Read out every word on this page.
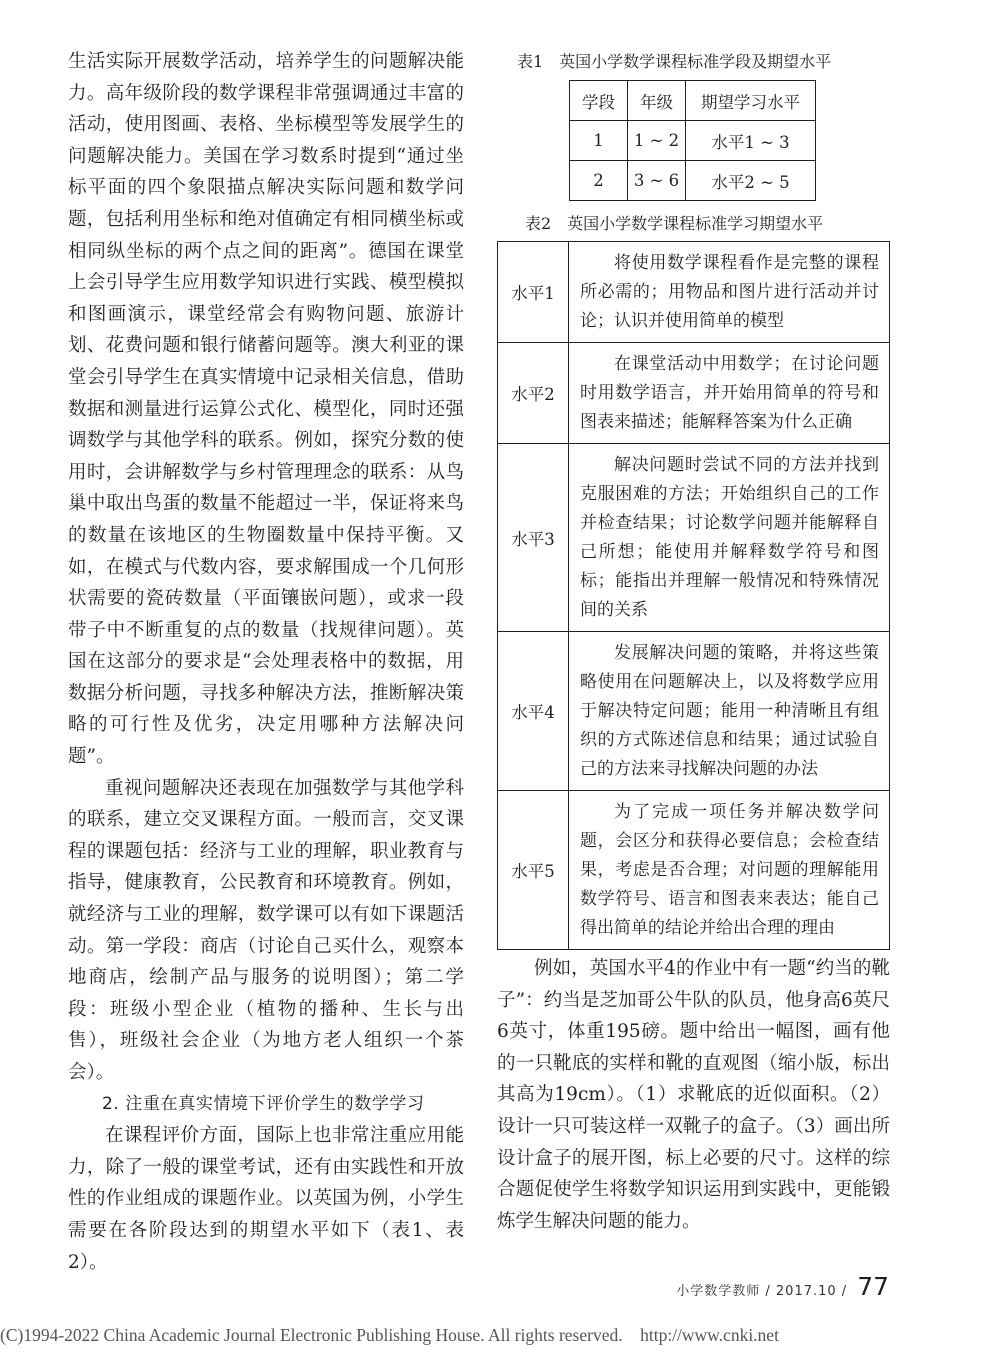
生活实际开展数学活动，培养学生的问题解决能力。高年级阶段的数学课程非常强调通过丰富的活动，使用图画、表格、坐标模型等发展学生的问题解决能力。美国在学习数系时提到“通过坐标平面的四个象限描点解决实际问题和数学问题，包括利用坐标和绝对值确定有相同横坐标或相同纵坐标的两个点之间的距离”。德国在课堂上会引导学生应用数学知识进行实践、模型模拟和图画演示，课堂经常会有购物问题、旅游计划、花费问题和银行储蓄问题等。澳大利亚的课堂会引导学生在真实情境中记录相关信息，借助数据和测量进行运算公式化、模型化，同时还强调数学与其他学科的联系。例如，探究分数的使用时，会讲解数学与乡村管理理念的联系：从鸟巢中取出鸟蛋的数量不能超过一半，保证将来鸟的数量在该地区的生物圈数量中保持平衡。又如，在模式与代数内容，要求解围成一个几何形状需要的瓷砖数量（平面镶嵌问题），或求一段带子中不断重复的点的数量（找规律问题）。英国在这部分的要求是“会处理表格中的数据，用数据分析问题，寻找多种解决方法，推断解决策略的可行性及优劣，决定用哪种方法解决问题”。

重视问题解决还表现在加强数学与其他学科的联系，建立交叉课程方面。一般而言，交叉课程的课题包括：经济与工业的理解，职业教育与指导，健康教育，公民教育和环境教育。例如，就经济与工业的理解，数学课可以有如下课题活动。第一学段：商店（讨论自己买什么，观察本地商店，绘制产品与服务的说明图）；第二学段：班级小型企业（植物的播种、生长与出售），班级社会企业（为地方老人组织一个茶会）。

2. 注重在真实情境下评价学生的数学学习

在课程评价方面，国际上也非常注重应用能力，除了一般的课堂考试，还有由实践性和开放性的作业组成的课题作业。以英国为例，小学生需要在各阶段达到的期望水平如下（表1、表2）。

表1　英国小学数学课程标准学段及期望水平
学段	年级	期望学习水平
1	1 ~ 2	水平1 ~ 3
2	3 ~ 6	水平2 ~ 5
表2　英国小学数学课程标准学习期望水平
水平1	将使用数学课程看作是完整的课程所必需的；用物品和图片进行活动并讨论；认识并使用简单的模型

水平2	在课堂活动中用数学；在讨论问题时用数学语言，并开始用简单的符号和图表来描述；能解释答案为什么正确

水平3	解决问题时尝试不同的方法并找到克服困难的方法；开始组织自己的工作并检查结果；讨论数学问题并能解释自己所想；能使用并解释数学符号和图标；能指出并理解一般情况和特殊情况间的关系

水平4	发展解决问题的策略，并将这些策略使用在问题解决上，以及将数学应用于解决特定问题；能用一种清晰且有组织的方式陈述信息和结果；通过试验自己的方法来寻找解决问题的办法

水平5	为了完成一项任务并解决数学问题，会区分和获得必要信息；会检查结果，考虑是否合理；对问题的理解能用数学符号、语言和图表来表达；能自己得出简单的结论并给出合理的理由

例如，英国水平4的作业中有一题“约当的靴子”：约当是芝加哥公牛队的队员，他身高6英尺6英寸，体重195磅。题中给出一幅图，画有他的一只靴底的实样和靴的直观图（缩小版，标出其高为19cm）。（1）求靴底的近似面积。（2）设计一只可装这样一双靴子的盒子。（3）画出所设计盒子的展开图，标上必要的尺寸。这样的综合题促使学生将数学知识运用到实践中，更能锻炼学生解决问题的能力。

小学数学教师 / 2017.10 / 77
(C)1994-2022 China Academic Journal Electronic Publishing House. All rights reserved.　http://www.cnki.net
